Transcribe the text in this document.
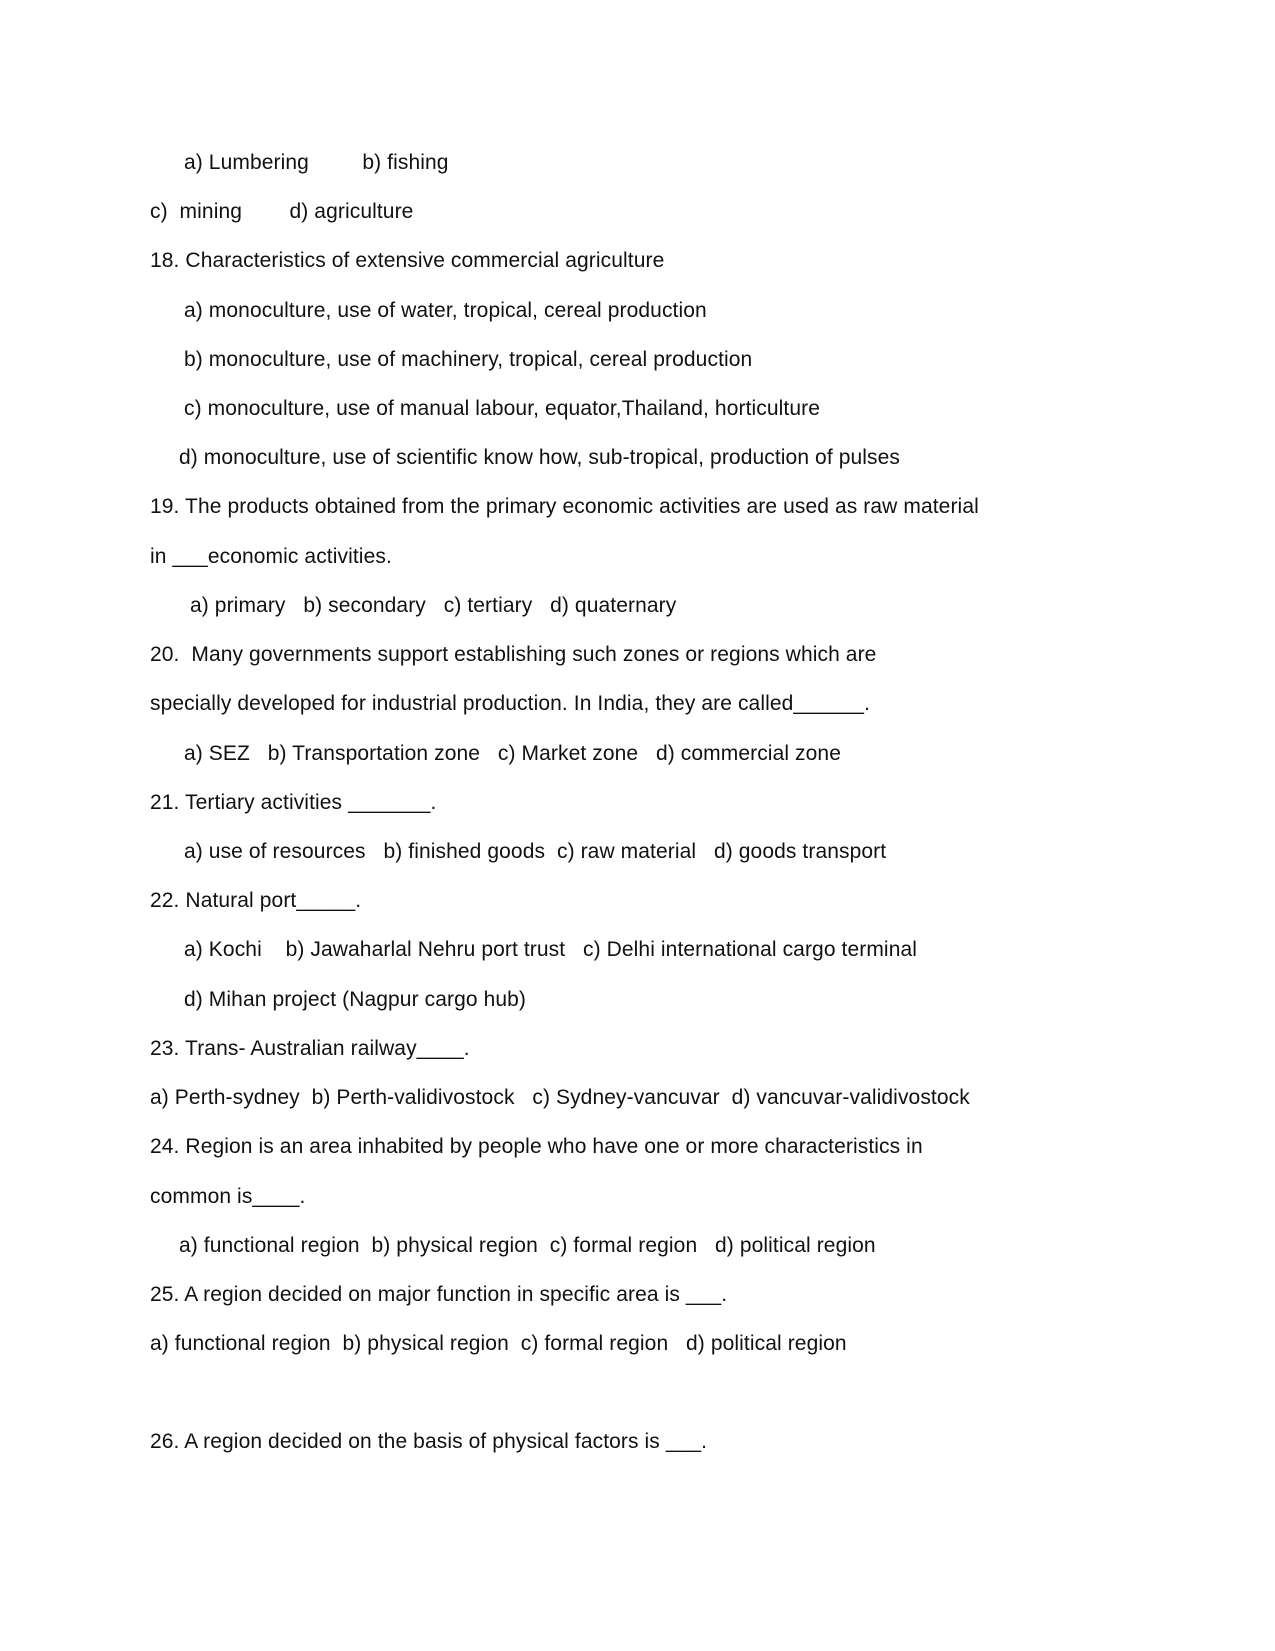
a) Lumbering         b) fishing
c)  mining        d) agriculture
18. Characteristics of extensive commercial agriculture
a) monoculture, use of water, tropical, cereal production
b) monoculture, use of machinery, tropical, cereal production
c) monoculture, use of manual labour, equator,Thailand, horticulture
d) monoculture, use of scientific know how, sub-tropical, production of pulses
19. The products obtained from the primary economic activities are used as raw material
in ___economic activities.
a) primary   b) secondary   c) tertiary   d) quaternary
20.  Many governments support establishing such zones or regions which are
specially developed for industrial production. In India, they are called______.
a) SEZ   b) Transportation zone   c) Market zone   d) commercial zone
21. Tertiary activities _______.
a) use of resources   b) finished goods  c) raw material   d) goods transport
22. Natural port_____.
a) Kochi    b) Jawaharlal Nehru port trust   c) Delhi international cargo terminal
d) Mihan project (Nagpur cargo hub)
23. Trans- Australian railway____.
a) Perth-sydney  b) Perth-validivostock   c) Sydney-vancuvar  d) vancuvar-validivostock
24. Region is an area inhabited by people who have one or more characteristics in
common is____.
a) functional region  b) physical region  c) formal region   d) political region
25. A region decided on major function in specific area is ___.
a) functional region  b) physical region  c) formal region   d) political region
26. A region decided on the basis of physical factors is ___.
